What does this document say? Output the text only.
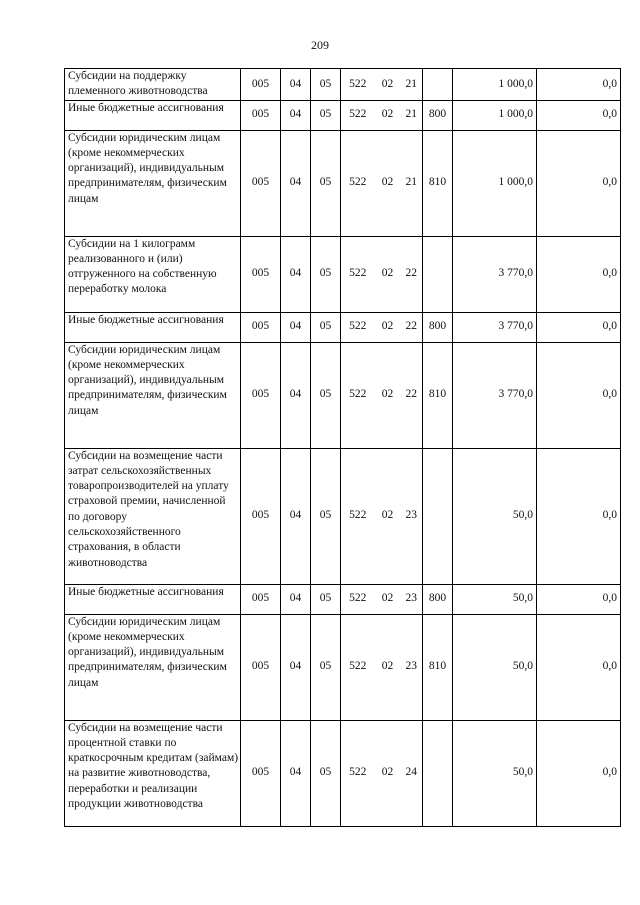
209
Субсидии на поддержку племенного животноводства	005	04	05	522	02	21		1 000,0	0,0
Иные бюджетные ассигнования	005	04	05	522	02	21	800	1 000,0	0,0
Субсидии юридическим лицам (кроме некоммерческих организаций), индивидуальным предпринимателям, физическим лицам	005	04	05	522	02	21	810	1 000,0	0,0
Субсидии на 1 килограмм реализованного и (или) отгруженного на собственную переработку молока	005	04	05	522	02	22		3 770,0	0,0
Иные бюджетные ассигнования	005	04	05	522	02	22	800	3 770,0	0,0
Субсидии юридическим лицам (кроме некоммерческих организаций), индивидуальным предпринимателям, физическим лицам	005	04	05	522	02	22	810	3 770,0	0,0
Субсидии на возмещение части затрат сельскохозяйственных товаропроизводителей на уплату страховой премии, начисленной по договору сельскохозяйственного страхования, в области животноводства	005	04	05	522	02	23		50,0	0,0
Иные бюджетные ассигнования	005	04	05	522	02	23	800	50,0	0,0
Субсидии юридическим лицам (кроме некоммерческих организаций), индивидуальным предпринимателям, физическим лицам	005	04	05	522	02	23	810	50,0	0,0
Субсидии на возмещение части процентной ставки по краткосрочным кредитам (займам) на развитие животноводства, переработки и реализации продукции животноводства	005	04	05	522	02	24		50,0	0,0
